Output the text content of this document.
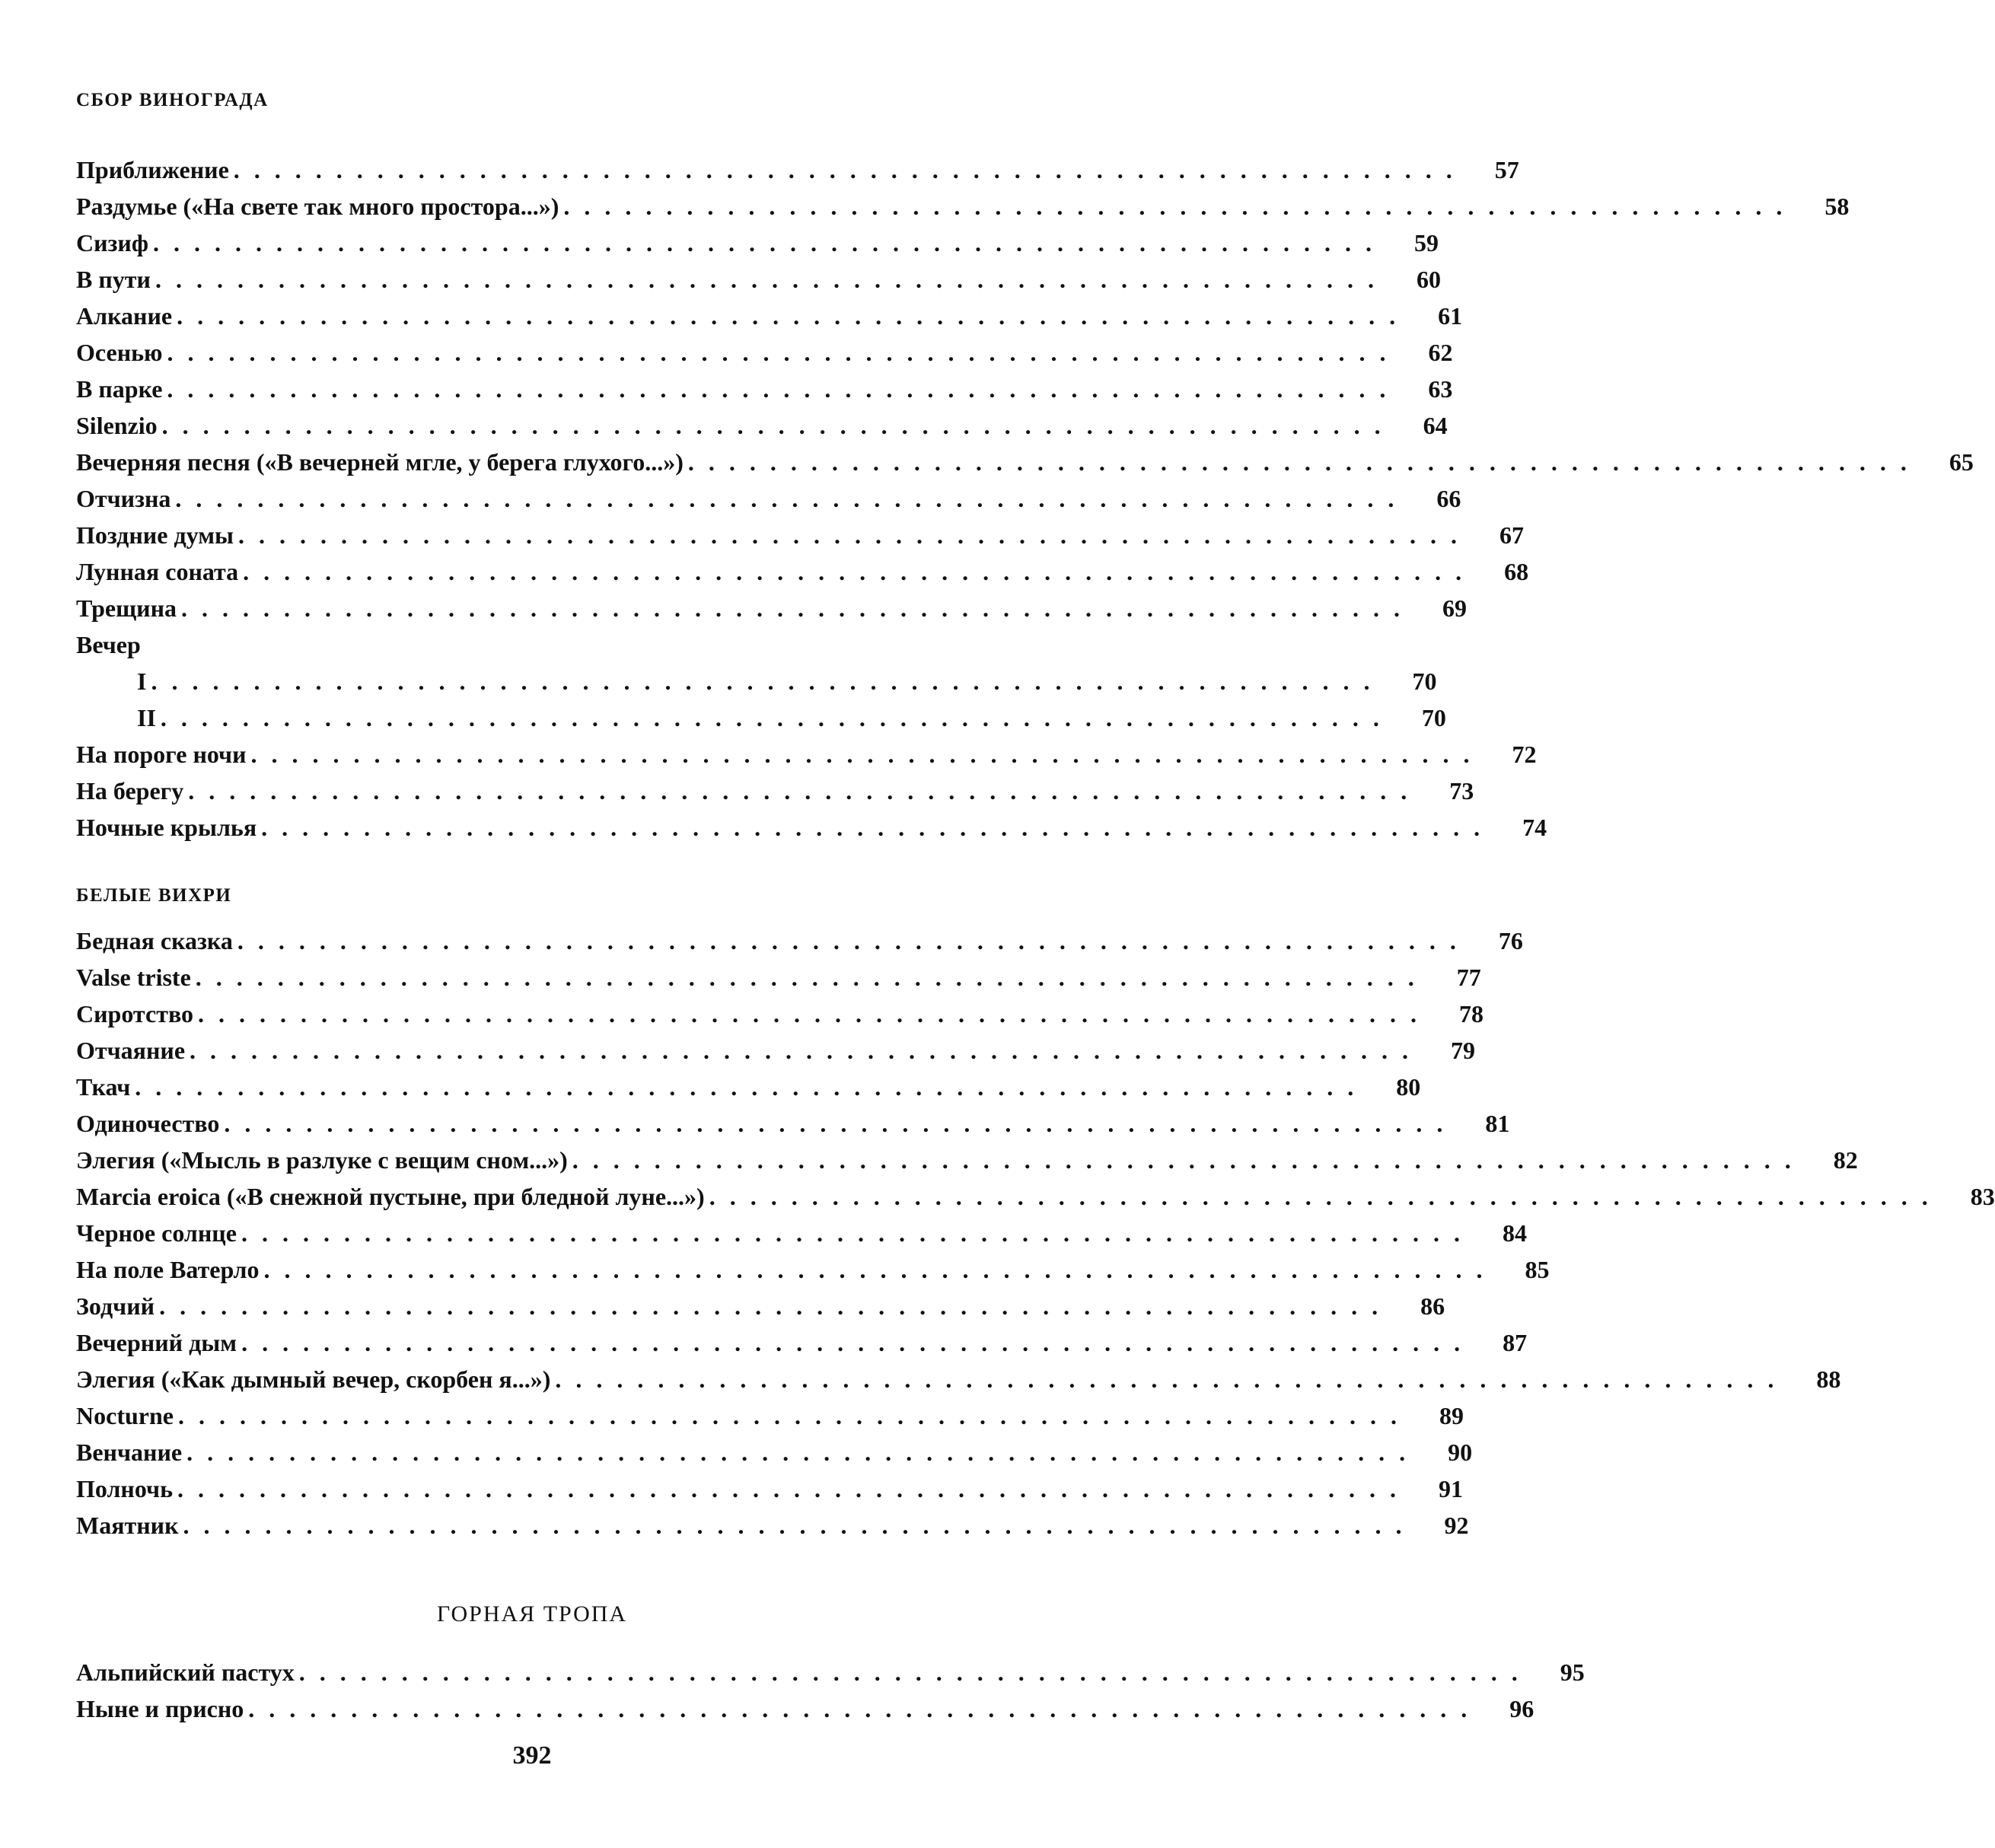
СБОР ВИНОГРАДА
Приближение . . . . . . . . . . . . . . . . . . . . . . . . . . . . . . . . . . . . . . . . . . . . . . . . . . . . . . . . . . . .	57
Раздумье («На свете так много простора...») . . . . . . . . . . . . . . . . . . . . . . . . . . . . . . . . . . . . . . . . . . . . . . . . . . . . . . . . . . . .	58
Сизиф . . . . . . . . . . . . . . . . . . . . . . . . . . . . . . . . . . . . . . . . . . . . . . . . . . . . . . . . . . . .	59
В пути . . . . . . . . . . . . . . . . . . . . . . . . . . . . . . . . . . . . . . . . . . . . . . . . . . . . . . . . . . . .	60
Алкание . . . . . . . . . . . . . . . . . . . . . . . . . . . . . . . . . . . . . . . . . . . . . . . . . . . . . . . . . . . .	61
Осенью . . . . . . . . . . . . . . . . . . . . . . . . . . . . . . . . . . . . . . . . . . . . . . . . . . . . . . . . . . . .	62
В парке . . . . . . . . . . . . . . . . . . . . . . . . . . . . . . . . . . . . . . . . . . . . . . . . . . . . . . . . . . . .	63
Silenzio . . . . . . . . . . . . . . . . . . . . . . . . . . . . . . . . . . . . . . . . . . . . . . . . . . . . . . . . . . . .	64
Вечерняя песня («В вечерней мгле, у берега глухого...») . . . . . . . . . . . . . . . . . . . . . . . . . . . . . . . . . . . . . . . . . . . . . . . . . . . . . . . . . . . .	65
Отчизна . . . . . . . . . . . . . . . . . . . . . . . . . . . . . . . . . . . . . . . . . . . . . . . . . . . . . . . . . . . .	66
Поздние думы . . . . . . . . . . . . . . . . . . . . . . . . . . . . . . . . . . . . . . . . . . . . . . . . . . . . . . . . . . . .	67
Лунная соната . . . . . . . . . . . . . . . . . . . . . . . . . . . . . . . . . . . . . . . . . . . . . . . . . . . . . . . . . . . .	68
Трещина . . . . . . . . . . . . . . . . . . . . . . . . . . . . . . . . . . . . . . . . . . . . . . . . . . . . . . . . . . . .	69
Вечер
I . . . . . . . . . . . . . . . . . . . . . . . . . . . . . . . . . . . . . . . . . . . . . . . . . . . . . . . . . . . .	70
II . . . . . . . . . . . . . . . . . . . . . . . . . . . . . . . . . . . . . . . . . . . . . . . . . . . . . . . . . . . .	70
На пороге ночи . . . . . . . . . . . . . . . . . . . . . . . . . . . . . . . . . . . . . . . . . . . . . . . . . . . . . . . . . . . .	72
На берегу . . . . . . . . . . . . . . . . . . . . . . . . . . . . . . . . . . . . . . . . . . . . . . . . . . . . . . . . . . . .	73
Ночные крылья . . . . . . . . . . . . . . . . . . . . . . . . . . . . . . . . . . . . . . . . . . . . . . . . . . . . . . . . . . . .	74
БЕЛЫЕ ВИХРИ
Бедная сказка . . . . . . . . . . . . . . . . . . . . . . . . . . . . . . . . . . . . . . . . . . . . . . . . . . . . . . . . . . . .	76
Valse triste . . . . . . . . . . . . . . . . . . . . . . . . . . . . . . . . . . . . . . . . . . . . . . . . . . . . . . . . . . . .	77
Сиротство . . . . . . . . . . . . . . . . . . . . . . . . . . . . . . . . . . . . . . . . . . . . . . . . . . . . . . . . . . . .	78
Отчаяние . . . . . . . . . . . . . . . . . . . . . . . . . . . . . . . . . . . . . . . . . . . . . . . . . . . . . . . . . . . .	79
Ткач . . . . . . . . . . . . . . . . . . . . . . . . . . . . . . . . . . . . . . . . . . . . . . . . . . . . . . . . . . . .	80
Одиночество . . . . . . . . . . . . . . . . . . . . . . . . . . . . . . . . . . . . . . . . . . . . . . . . . . . . . . . . . . . .	81
Элегия («Мысль в разлуке с вещим сном...») . . . . . . . . . . . . . . . . . . . . . . . . . . . . . . . . . . . . . . . . . . . . . . . . . . . . . . . . . . . .	82
Marcia eroica («В снежной пустыне, при бледной луне...») . . . . . . . . . . . . . . . . . . . . . . . . . . . . . . . . . . . . . . . . . . . . . . . . . . . . . . . . . . . .	83
Черное солнце . . . . . . . . . . . . . . . . . . . . . . . . . . . . . . . . . . . . . . . . . . . . . . . . . . . . . . . . . . . .	84
На поле Ватерло . . . . . . . . . . . . . . . . . . . . . . . . . . . . . . . . . . . . . . . . . . . . . . . . . . . . . . . . . . . .	85
Зодчий . . . . . . . . . . . . . . . . . . . . . . . . . . . . . . . . . . . . . . . . . . . . . . . . . . . . . . . . . . . .	86
Вечерний дым . . . . . . . . . . . . . . . . . . . . . . . . . . . . . . . . . . . . . . . . . . . . . . . . . . . . . . . . . . . .	87
Элегия («Как дымный вечер, скорбен я...») . . . . . . . . . . . . . . . . . . . . . . . . . . . . . . . . . . . . . . . . . . . . . . . . . . . . . . . . . . . .	88
Nocturne . . . . . . . . . . . . . . . . . . . . . . . . . . . . . . . . . . . . . . . . . . . . . . . . . . . . . . . . . . . .	89
Венчание . . . . . . . . . . . . . . . . . . . . . . . . . . . . . . . . . . . . . . . . . . . . . . . . . . . . . . . . . . . .	90
Полночь . . . . . . . . . . . . . . . . . . . . . . . . . . . . . . . . . . . . . . . . . . . . . . . . . . . . . . . . . . . .	91
Маятник . . . . . . . . . . . . . . . . . . . . . . . . . . . . . . . . . . . . . . . . . . . . . . . . . . . . . . . . . . . .	92
ГОРНАЯ ТРОПА
Альпийский пастух . . . . . . . . . . . . . . . . . . . . . . . . . . . . . . . . . . . . . . . . . . . . . . . . . . . . . . . . . . . .	95
Ныне и присно . . . . . . . . . . . . . . . . . . . . . . . . . . . . . . . . . . . . . . . . . . . . . . . . . . . . . . . . . . . .	96
392
